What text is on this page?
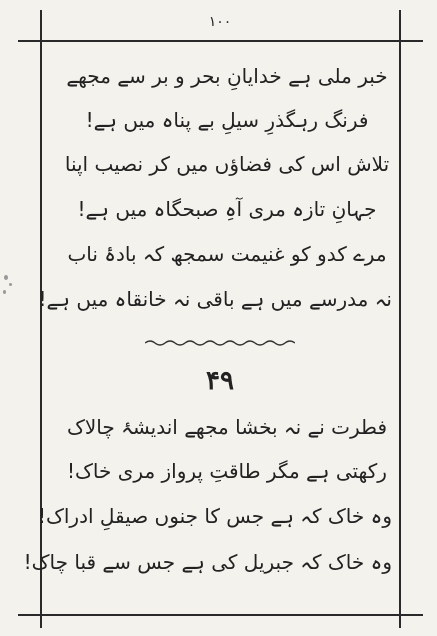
۱۰۰
خبر ملی ہے خدایانِ بحر و بر سے مجھے
فرنگ رہگذرِ سیلِ بے پناہ میں ہے!
تلاش اس کی فضاؤں میں کر نصیب اپنا
جہانِ تازہ مری آہِ صبحگاہ میں ہے!
مرے کدو کو غنیمت سمجھ کہ بادۂ ناب
نہ مدرسے میں ہے باقی نہ خانقاہ میں ہے!
۴۹
فطرت نے نہ بخشا مجھے اندیشۂ چالاک
رکھتی ہے مگر طاقتِ پرواز مری خاک!
وہ خاک کہ ہے جس کا جنوں صیقلِ ادراک!
وہ خاک کہ جبریل کی ہے جس سے قبا چاک!
